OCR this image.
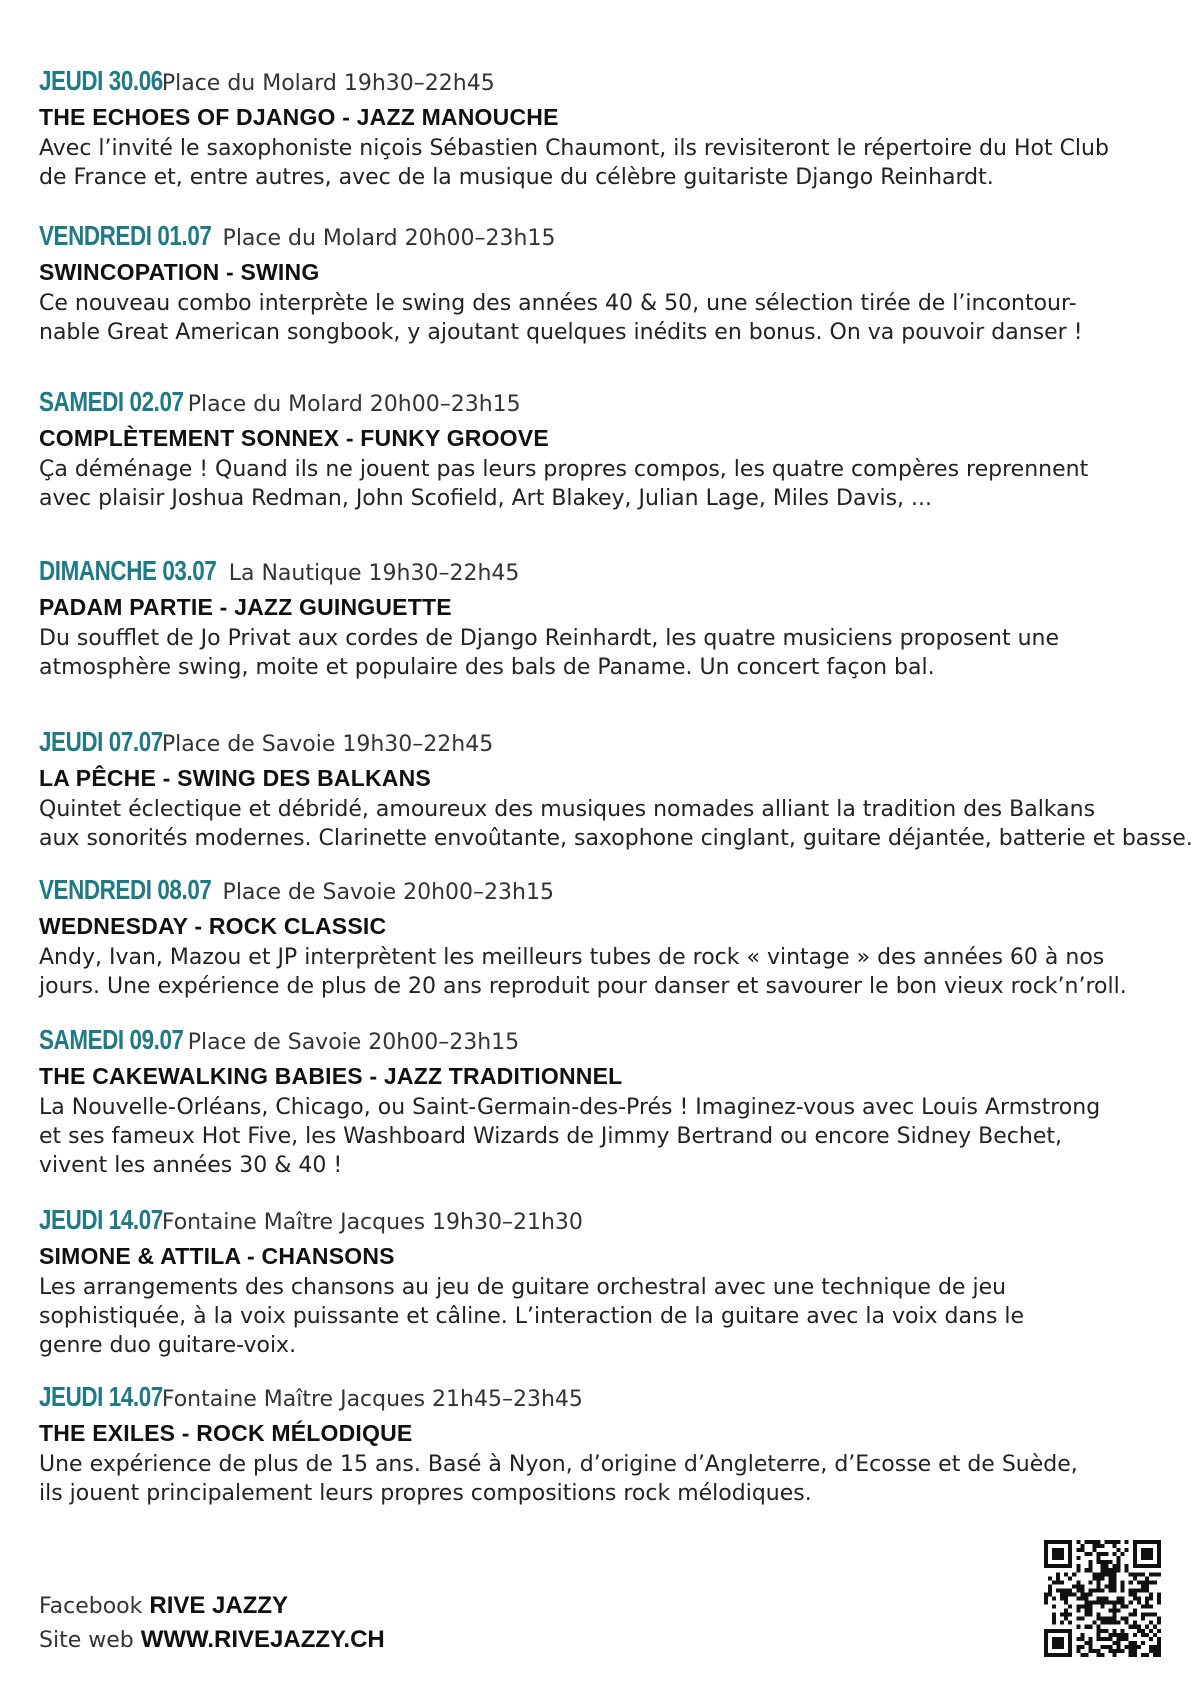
JEUDI 30.06
Place du Molard 19h30–22h45
THE ECHOES OF DJANGO - JAZZ MANOUCHE
Avec l’invité le saxophoniste niçois Sébastien Chaumont, ils revisiteront le répertoire du Hot Club
de France et, entre autres, avec de la musique du célèbre guitariste Django Reinhardt.
VENDREDI 01.07 Place du Molard 20h00–23h15
SWINCOPATION - SWING
Ce nouveau combo interprète le swing des années 40 & 50, une sélection tirée de l’incontour-
nable Great American songbook, y ajoutant quelques inédits en bonus. On va pouvoir danser !
SAMEDI 02.07 Place du Molard 20h00–23h15
COMPLÈTEMENT SONNEX - FUNKY GROOVE
Ça déménage ! Quand ils ne jouent pas leurs propres compos, les quatre compères reprennent
avec plaisir Joshua Redman, John Scofield, Art Blakey, Julian Lage, Miles Davis, ...
DIMANCHE 03.07 La Nautique 19h30–22h45
PADAM PARTIE - JAZZ GUINGUETTE
Du soufflet de Jo Privat aux cordes de Django Reinhardt, les quatre musiciens proposent une
atmosphère swing, moite et populaire des bals de Paname. Un concert façon bal.
JEUDI 07.07
Place de Savoie 19h30–22h45
LA PÊCHE - SWING DES BALKANS
Quintet éclectique et débridé, amoureux des musiques nomades alliant la tradition des Balkans
aux sonorités modernes. Clarinette envoûtante, saxophone cinglant, guitare déjantée, batterie et basse.
VENDREDI 08.07 Place de Savoie 20h00–23h15
WEDNESDAY - ROCK CLASSIC
Andy, Ivan, Mazou et JP interprètent les meilleurs tubes de rock « vintage » des années 60 à nos
jours. Une expérience de plus de 20 ans reproduit pour danser et savourer le bon vieux rock’n’roll.
SAMEDI 09.07 Place de Savoie 20h00–23h15
THE CAKEWALKING BABIES - JAZZ TRADITIONNEL
La Nouvelle-Orléans, Chicago, ou Saint-Germain-des-Prés ! Imaginez-vous avec Louis Armstrong
et ses fameux Hot Five, les Washboard Wizards de Jimmy Bertrand ou encore Sidney Bechet,
vivent les années 30 & 40 !
JEUDI 14.07
Fontaine Maître Jacques 19h30–21h30
SIMONE & ATTILA - CHANSONS
Les arrangements des chansons au jeu de guitare orchestral avec une technique de jeu
sophistiquée, à la voix puissante et câline. L’interaction de la guitare avec la voix dans le
genre duo guitare-voix.
JEUDI 14.07
Fontaine Maître Jacques 21h45–23h45
THE EXILES - ROCK MÉLODIQUE
Une expérience de plus de 15 ans. Basé à Nyon, d’origine d’Angleterre, d’Ecosse et de Suède,
ils jouent principalement leurs propres compositions rock mélodiques.
Facebook RIVE JAZZY
Site web WWW.RIVEJAZZY.CH
